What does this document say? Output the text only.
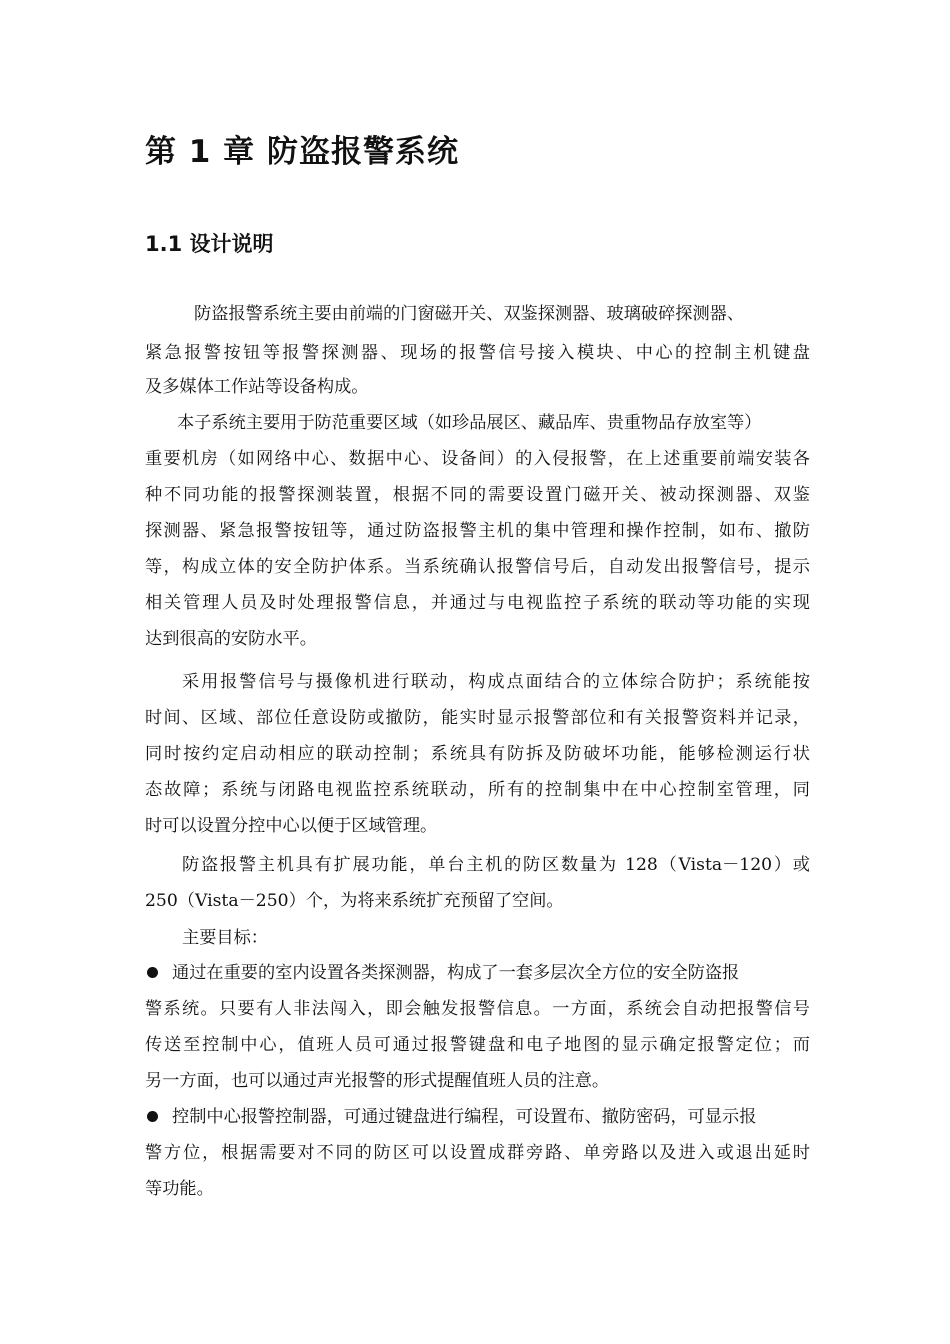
第 1 章 防盗报警系统
1.1 设计说明
防盗报警系统主要由前端的门窗磁开关、双鉴探测器、玻璃破碎探测器、
紧急报警按钮等报警探测器、现场的报警信号接入模块、中心的控制主机键盘
及多媒体工作站等设备构成。
本子系统主要用于防范重要区域（如珍品展区、藏品库、贵重物品存放室等）
重要机房（如网络中心、数据中心、设备间）的入侵报警，在上述重要前端安装各
种不同功能的报警探测装置，根据不同的需要设置门磁开关、被动探测器、双鉴
探测器、紧急报警按钮等，通过防盗报警主机的集中管理和操作控制，如布、撤防
等，构成立体的安全防护体系。当系统确认报警信号后，自动发出报警信号，提示
相关管理人员及时处理报警信息，并通过与电视监控子系统的联动等功能的实现
达到很高的安防水平。
采用报警信号与摄像机进行联动，构成点面结合的立体综合防护；系统能按
时间、区域、部位任意设防或撤防，能实时显示报警部位和有关报警资料并记录，
同时按约定启动相应的联动控制；系统具有防拆及防破坏功能，能够检测运行状
态故障；系统与闭路电视监控系统联动，所有的控制集中在中心控制室管理，同
时可以设置分控中心以便于区域管理。
防盗报警主机具有扩展功能，单台主机的防区数量为 128（Vista－120）或
250（Vista－250）个，为将来系统扩充预留了空间。
主要目标：
通过在重要的室内设置各类探测器，构成了一套多层次全方位的安全防盗报
警系统。只要有人非法闯入，即会触发报警信息。一方面，系统会自动把报警信号
传送至控制中心，值班人员可通过报警键盘和电子地图的显示确定报警定位；而
另一方面，也可以通过声光报警的形式提醒值班人员的注意。
控制中心报警控制器，可通过键盘进行编程，可设置布、撤防密码，可显示报
警方位，根据需要对不同的防区可以设置成群旁路、单旁路以及进入或退出延时
等功能。
